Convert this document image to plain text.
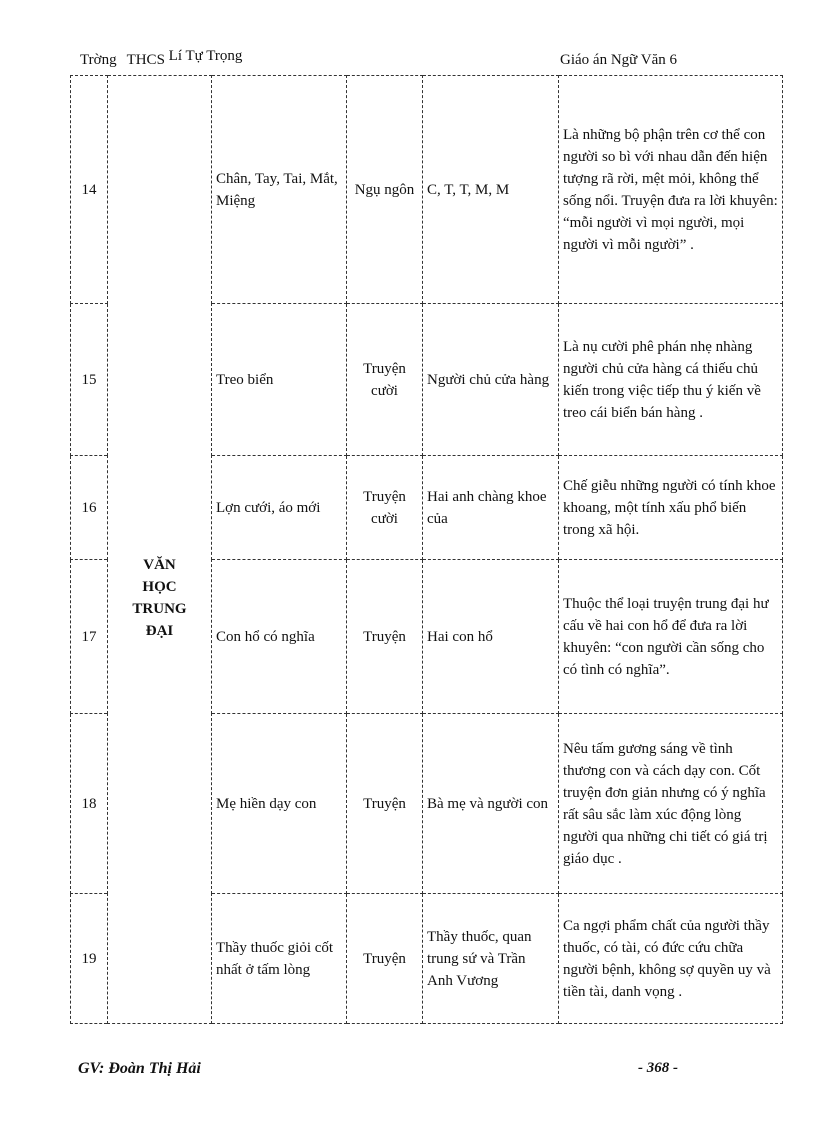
Trờng THCS Lí Tự Trọng	Giáo án Ngữ Văn 6
14	VĂN HỌC TRUNG ĐẠI	Chân, Tay, Tai, Mắt, Miệng	Ngụ ngôn	C, T, T, M, M	Là những bộ phận trên cơ thể con người so bì với nhau dẫn đến hiện tượng rã rời, mệt mỏi, không thể sống nổi. Truyện đưa ra lời khuyên: “mỗi người vì mọi người, mọi người vì mỗi người” .
15		Treo biển	Truyện cười	Người chủ cửa hàng	Là nụ cười phê phán nhẹ nhàng người chủ cửa hàng cá thiếu chủ kiến trong việc tiếp thu ý kiến về treo cái biển bán hàng .
16		Lợn cưới, áo mới	Truyện cười	Hai anh chàng khoe của	Chế giễu những người có tính khoe khoang, một tính xấu phổ biến trong xã hội.
17		Con hổ có nghĩa	Truyện	Hai con hổ	Thuộc thể loại truyện trung đại hư cấu về hai con hổ để đưa ra lời khuyên: “con người cần sống cho có tình có nghĩa”.
18		Mẹ hiền dạy con	Truyện	Bà mẹ và người con	Nêu tấm gương sáng về tình thương con và cách dạy con. Cốt truyện đơn giản nhưng có ý nghĩa rất sâu sắc làm xúc động lòng người qua những chi tiết có giá trị giáo dục .
19		Thầy thuốc giỏi cốt nhất ở tấm lòng	Truyện	Thầy thuốc, quan trung sứ và Trần Anh Vương	Ca ngợi phẩm chất của người thầy thuốc, có tài, có đức cứu chữa người bệnh, không sợ quyền uy và tiền tài, danh vọng .
GV: Đoàn Thị Hải	- 368 -
